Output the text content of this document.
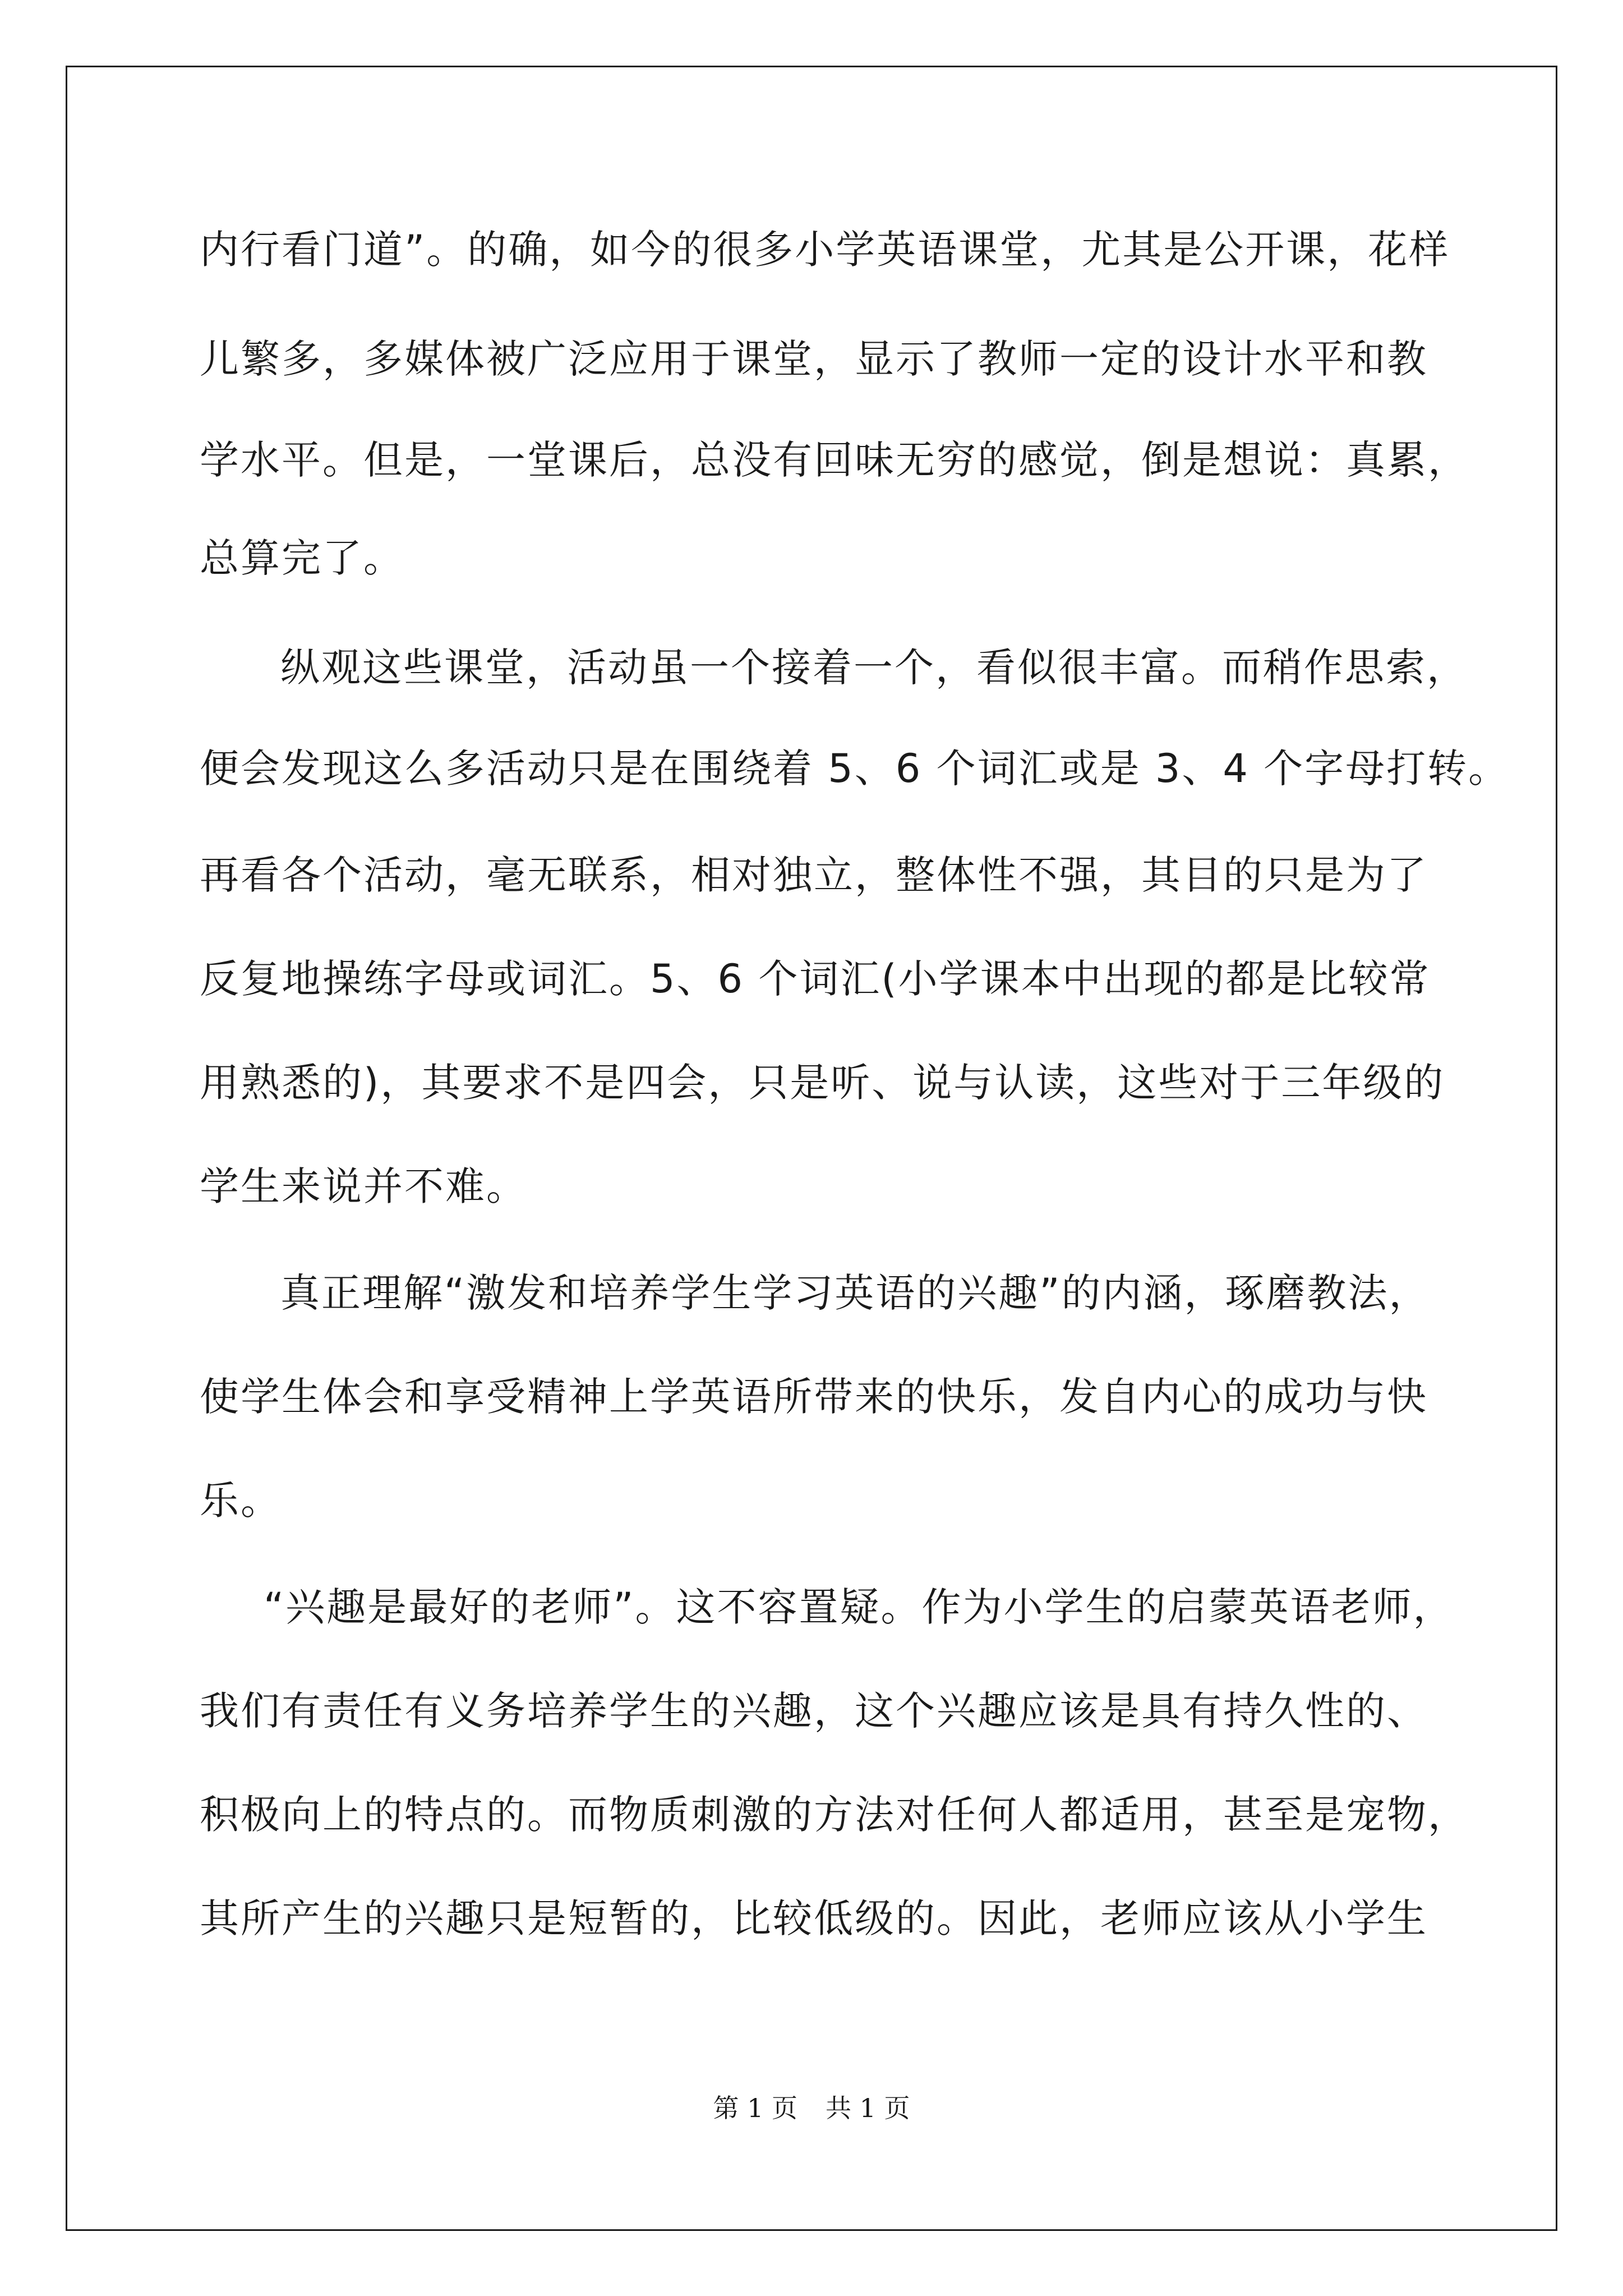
内行看门道”。的确，如今的很多小学英语课堂，尤其是公开课，花样
儿繁多，多媒体被广泛应用于课堂，显示了教师一定的设计水平和教
学水平。但是，一堂课后，总没有回味无穷的感觉，倒是想说：真累，
总算完了。
纵观这些课堂，活动虽一个接着一个，看似很丰富。而稍作思索，
便会发现这么多活动只是在围绕着 5、6 个词汇或是 3、4 个字母打转。
再看各个活动，毫无联系，相对独立，整体性不强，其目的只是为了
反复地操练字母或词汇。5、6 个词汇(小学课本中出现的都是比较常
用熟悉的)，其要求不是四会，只是听、说与认读，这些对于三年级的
学生来说并不难。
真正理解“激发和培养学生学习英语的兴趣”的内涵，琢磨教法，
使学生体会和享受精神上学英语所带来的快乐，发自内心的成功与快
乐。
“兴趣是最好的老师”。这不容置疑。作为小学生的启蒙英语老师，
我们有责任有义务培养学生的兴趣，这个兴趣应该是具有持久性的、
积极向上的特点的。而物质刺激的方法对任何人都适用，甚至是宠物，
其所产生的兴趣只是短暂的，比较低级的。因此，老师应该从小学生
第 1 页 共 1 页
